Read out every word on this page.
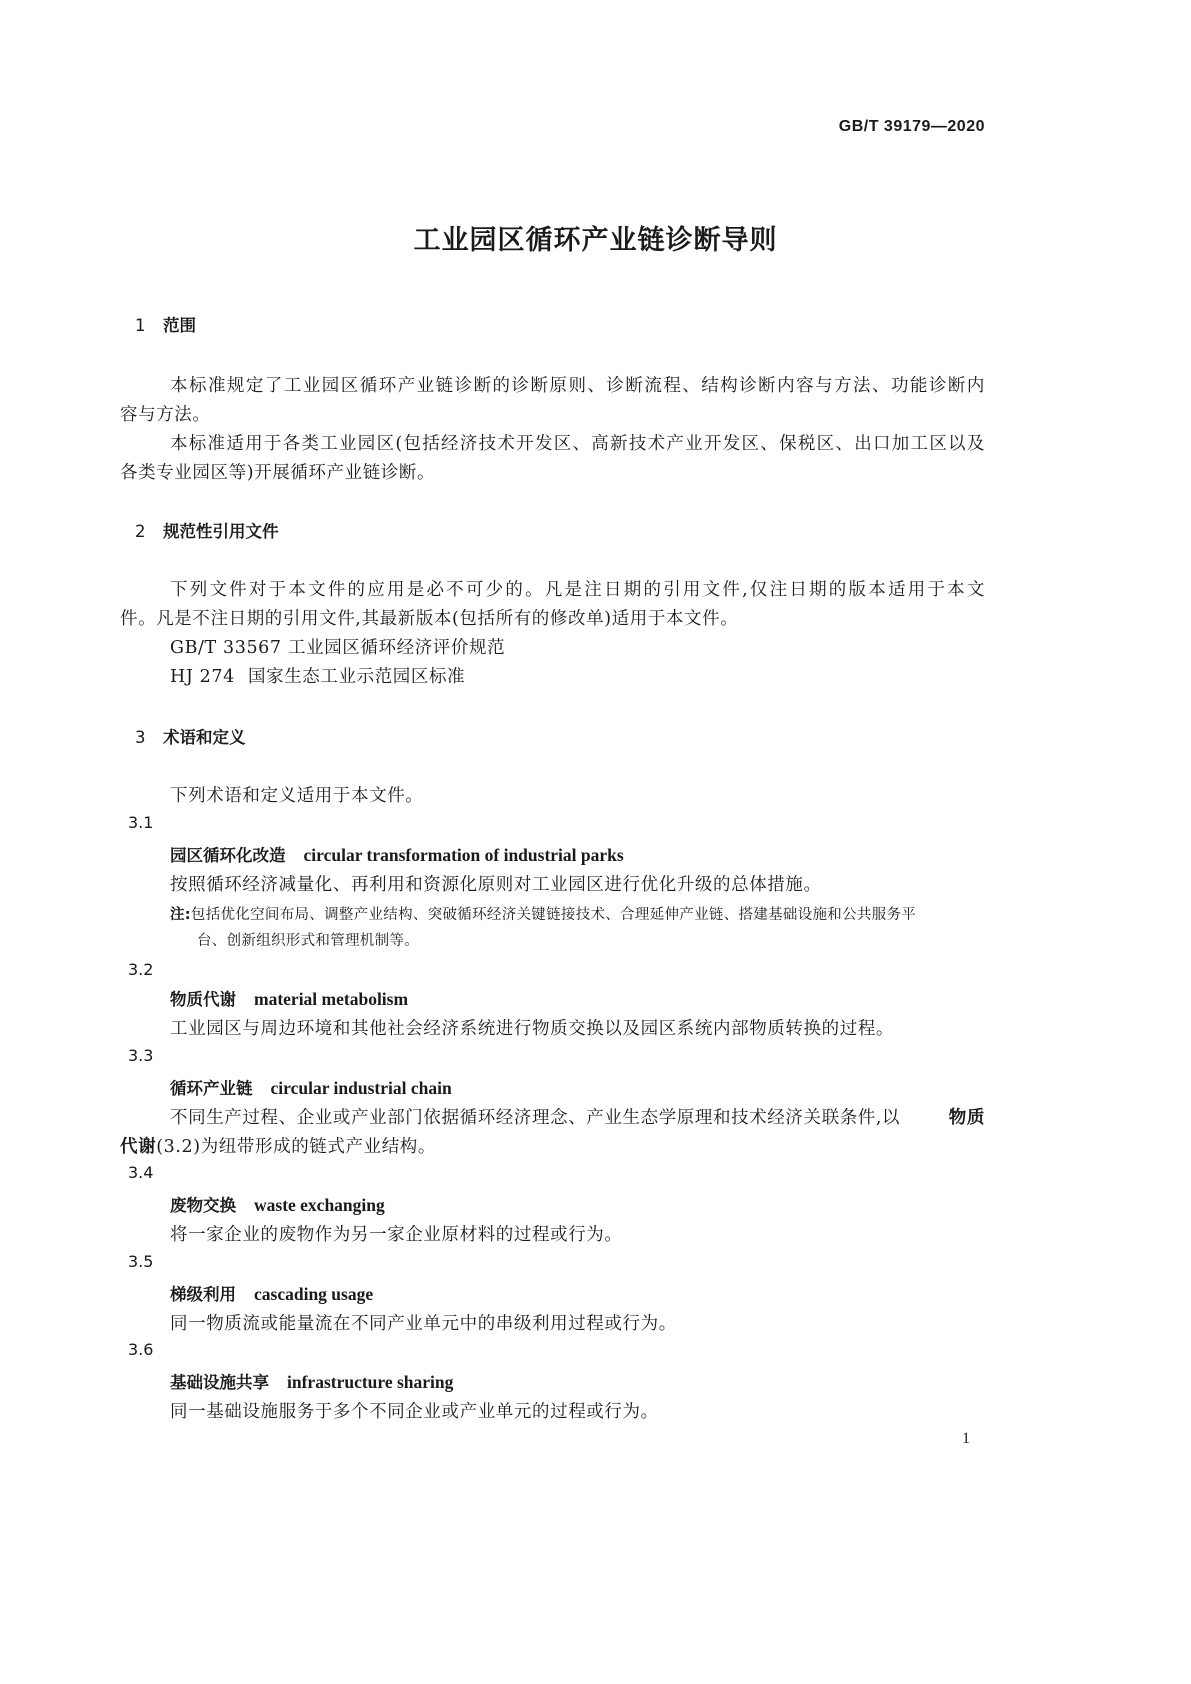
GB/T 39179—2020
工业园区循环产业链诊断导则
1 范围
本标准规定了工业园区循环产业链诊断的诊断原则、诊断流程、结构诊断内容与方法、功能诊断内
容与方法。
本标准适用于各类工业园区(包括经济技术开发区、高新技术产业开发区、保税区、出口加工区以及
各类专业园区等)开展循环产业链诊断。
2 规范性引用文件
下列文件对于本文件的应用是必不可少的。凡是注日期的引用文件,仅注日期的版本适用于本文
件。凡是不注日期的引用文件,其最新版本(包括所有的修改单)适用于本文件。
GB/T 33567 工业园区循环经济评价规范
HJ 274 国家生态工业示范园区标准
3 术语和定义
下列术语和定义适用于本文件。
3.1
园区循环化改造 circular transformation of industrial parks
按照循环经济减量化、再利用和资源化原则对工业园区进行优化升级的总体措施。
注:包括优化空间布局、调整产业结构、突破循环经济关键链接技术、合理延伸产业链、搭建基础设施和公共服务平
台、创新组织形式和管理机制等。
3.2
物质代谢 material metabolism
工业园区与周边环境和其他社会经济系统进行物质交换以及园区系统内部物质转换的过程。
3.3
循环产业链 circular industrial chain
不同生产过程、企业或产业部门依据循环经济理念、产业生态学原理和技术经济关联条件,以	物质
代谢(3.2)为纽带形成的链式产业结构。
3.4
废物交换 waste exchanging
将一家企业的废物作为另一家企业原材料的过程或行为。
3.5
梯级利用 cascading usage
同一物质流或能量流在不同产业单元中的串级利用过程或行为。
3.6
基础设施共享 infrastructure sharing
同一基础设施服务于多个不同企业或产业单元的过程或行为。
1
